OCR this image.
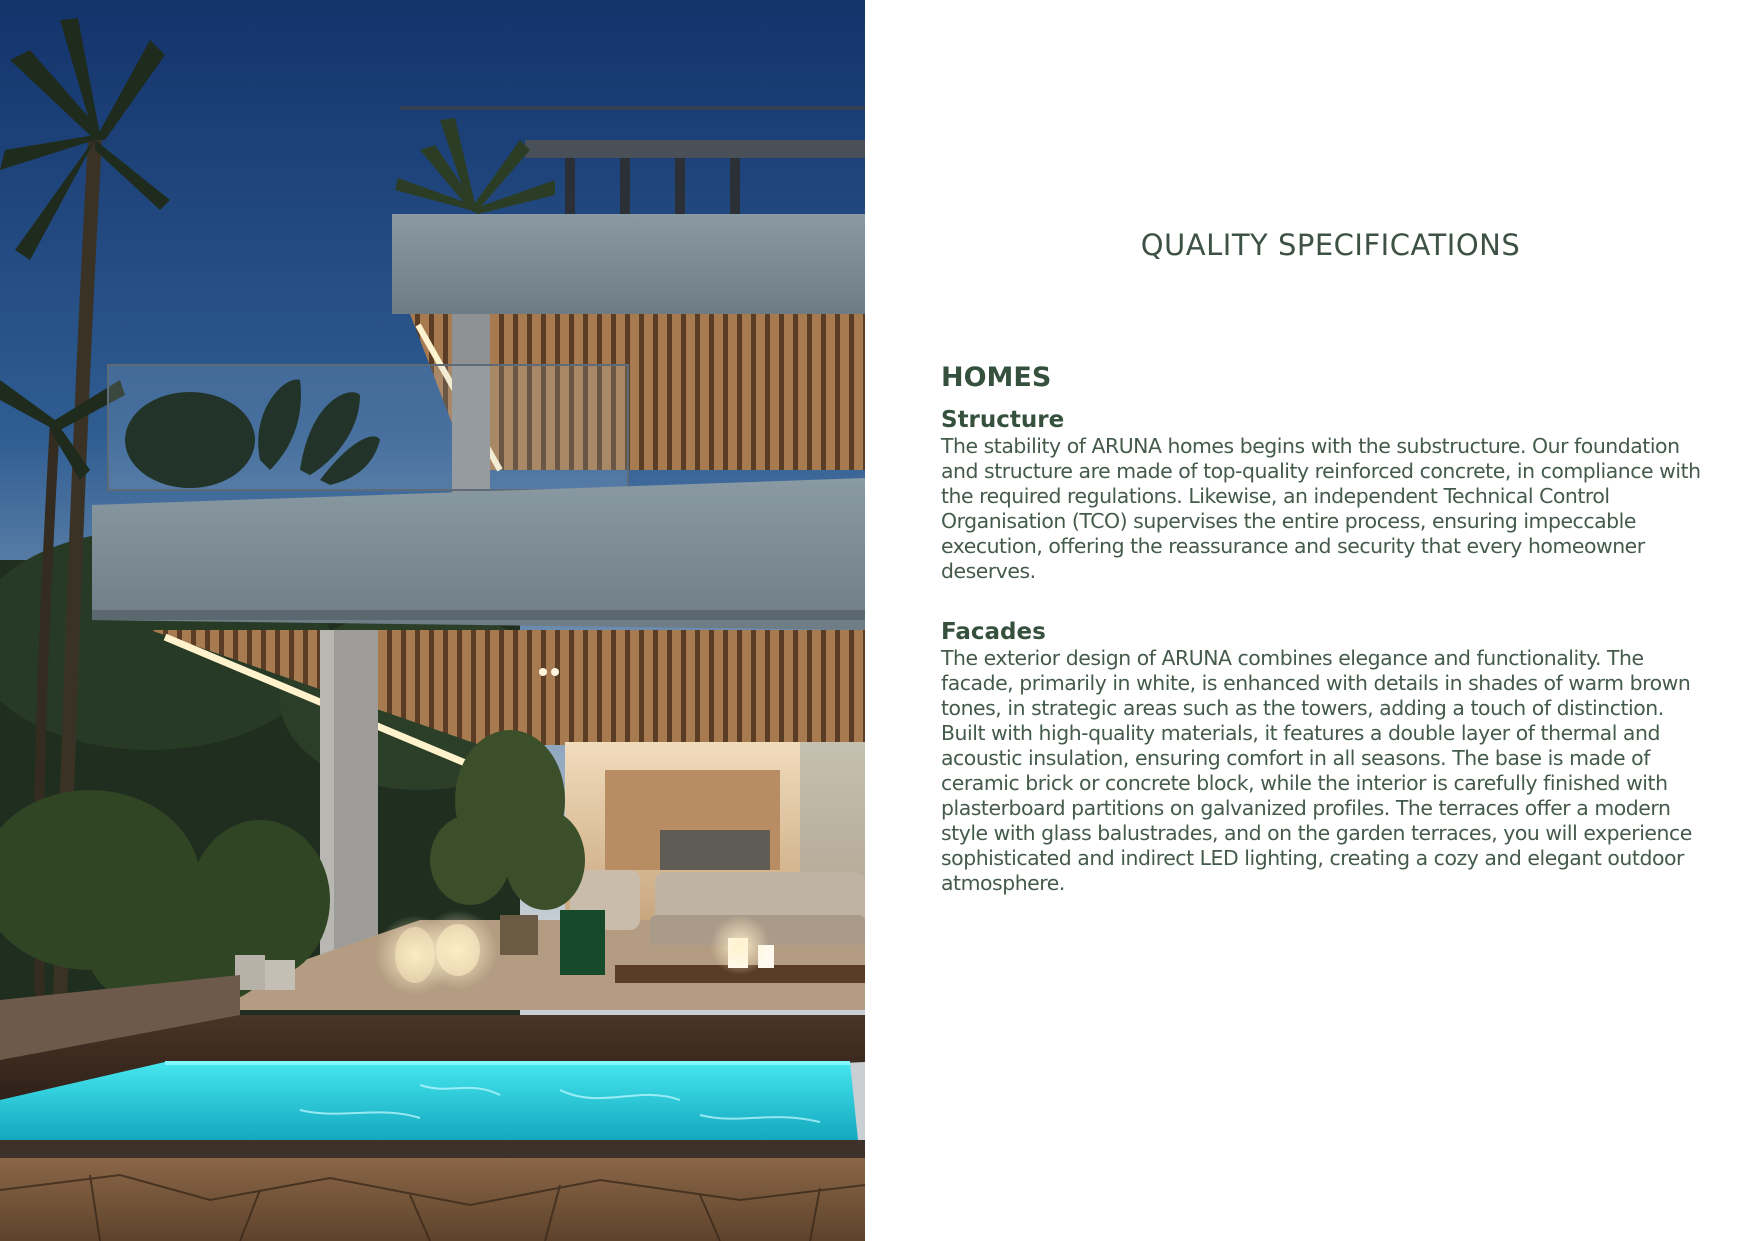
QUALITY SPECIFICATIONS
HOMES
Structure

The stability of ARUNA homes begins with the substructure. Our foundation and structure are made of top-quality reinforced concrete, in compliance with the required regulations. Likewise, an independent Technical Control Organisation (TCO) supervises the entire process, ensuring impeccable execution, offering the reassurance and security that every homeowner deserves.

Facades

The exterior design of ARUNA combines elegance and functionality. The facade, primarily in white, is enhanced with details in shades of warm brown tones, in strategic areas such as the towers, adding a touch of distinction. Built with high-quality materials, it features a double layer of thermal and acoustic insulation, ensuring comfort in all seasons. The base is made of ceramic brick or concrete block, while the interior is carefully finished with plasterboard partitions on galvanized profiles. The terraces offer a modern style with glass balustrades, and on the garden terraces, you will experience sophisticated and indirect LED lighting, creating a cozy and elegant outdoor atmosphere.
